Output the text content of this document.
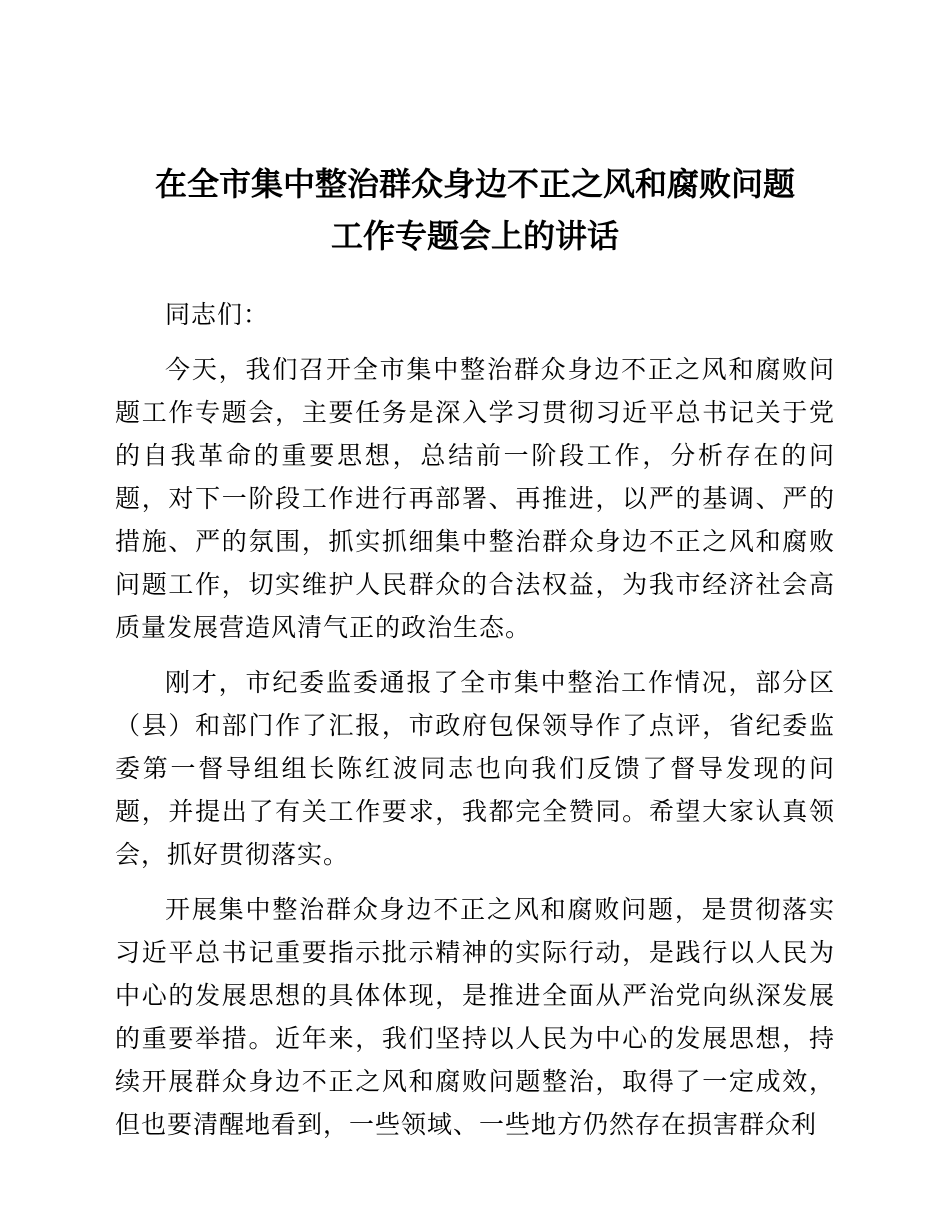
在全市集中整治群众身边不正之风和腐败问题
工作专题会上的讲话

同志们：

今天，我们召开全市集中整治群众身边不正之风和腐败问题工作专题会，主要任务是深入学习贯彻习近平总书记关于党的自我革命的重要思想，总结前一阶段工作，分析存在的问题，对下一阶段工作进行再部署、再推进，以严的基调、严的措施、严的氛围，抓实抓细集中整治群众身边不正之风和腐败问题工作，切实维护人民群众的合法权益，为我市经济社会高质量发展营造风清气正的政治生态。

刚才，市纪委监委通报了全市集中整治工作情况，部分区（县）和部门作了汇报，市政府包保领导作了点评，省纪委监委第一督导组组长陈红波同志也向我们反馈了督导发现的问题，并提出了有关工作要求，我都完全赞同。希望大家认真领会，抓好贯彻落实。

开展集中整治群众身边不正之风和腐败问题，是贯彻落实习近平总书记重要指示批示精神的实际行动，是践行以人民为中心的发展思想的具体体现，是推进全面从严治党向纵深发展的重要举措。近年来，我们坚持以人民为中心的发展思想，持续开展群众身边不正之风和腐败问题整治，取得了一定成效，但也要清醒地看到，一些领域、一些地方仍然存在损害群众利
